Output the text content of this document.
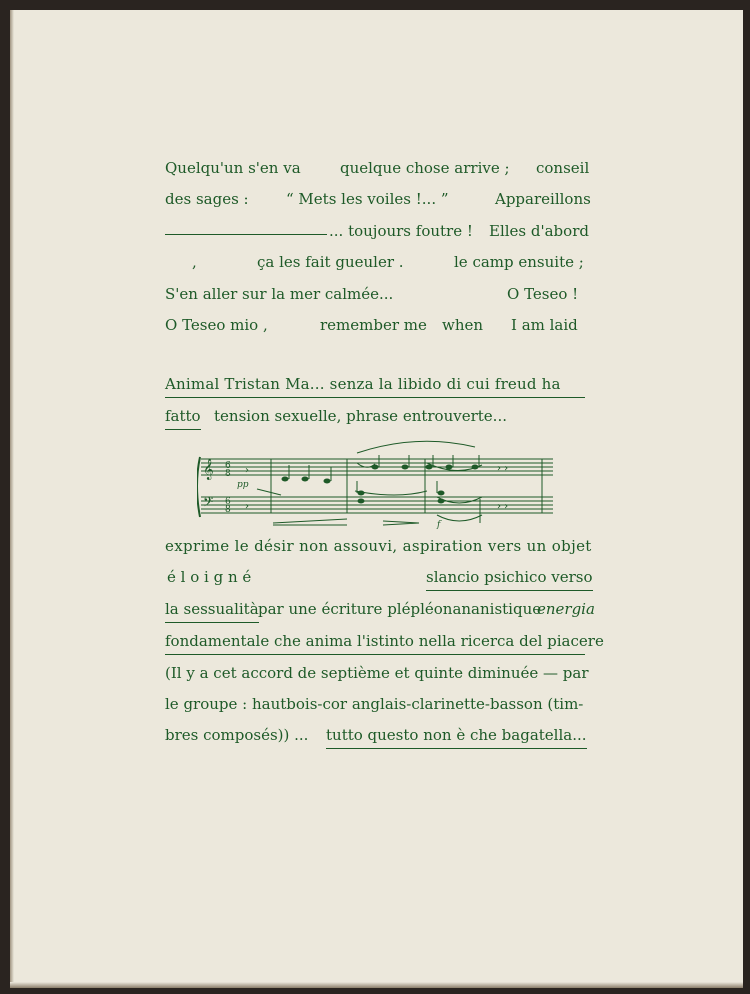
Quelqu'un s'en va	quelque chose arrive ; conseil
des sages : “ Mets les voiles !... ”	Appareillons
... toujours foutre ! Elles d'abord
,	ça les fait gueuler .	le camp ensuite ;
S'en aller sur la mer calmée...	O Teseo !
O Teseo mio ,	remember me when I am laid
Animal Tristan Ma... senza la libido di cui freud ha
fatto tension sexuelle, phrase entrouverte...
𝄞
𝄢
6
8
6
8
pp
f
› ›
› ›
›
›
exprime le désir non assouvi, aspiration vers un objet
é l o i g n é	slancio psichico verso
la sessualità par une écriture plépléonananistique
energia
fondamentale che anima l'istinto nella ricerca del piacere
(Il y a cet accord de septième et quinte diminuée — par
le groupe : hautbois-cor anglais-clarinette-basson (tim-
bres composés)) ... tutto questo non è che bagatella...
